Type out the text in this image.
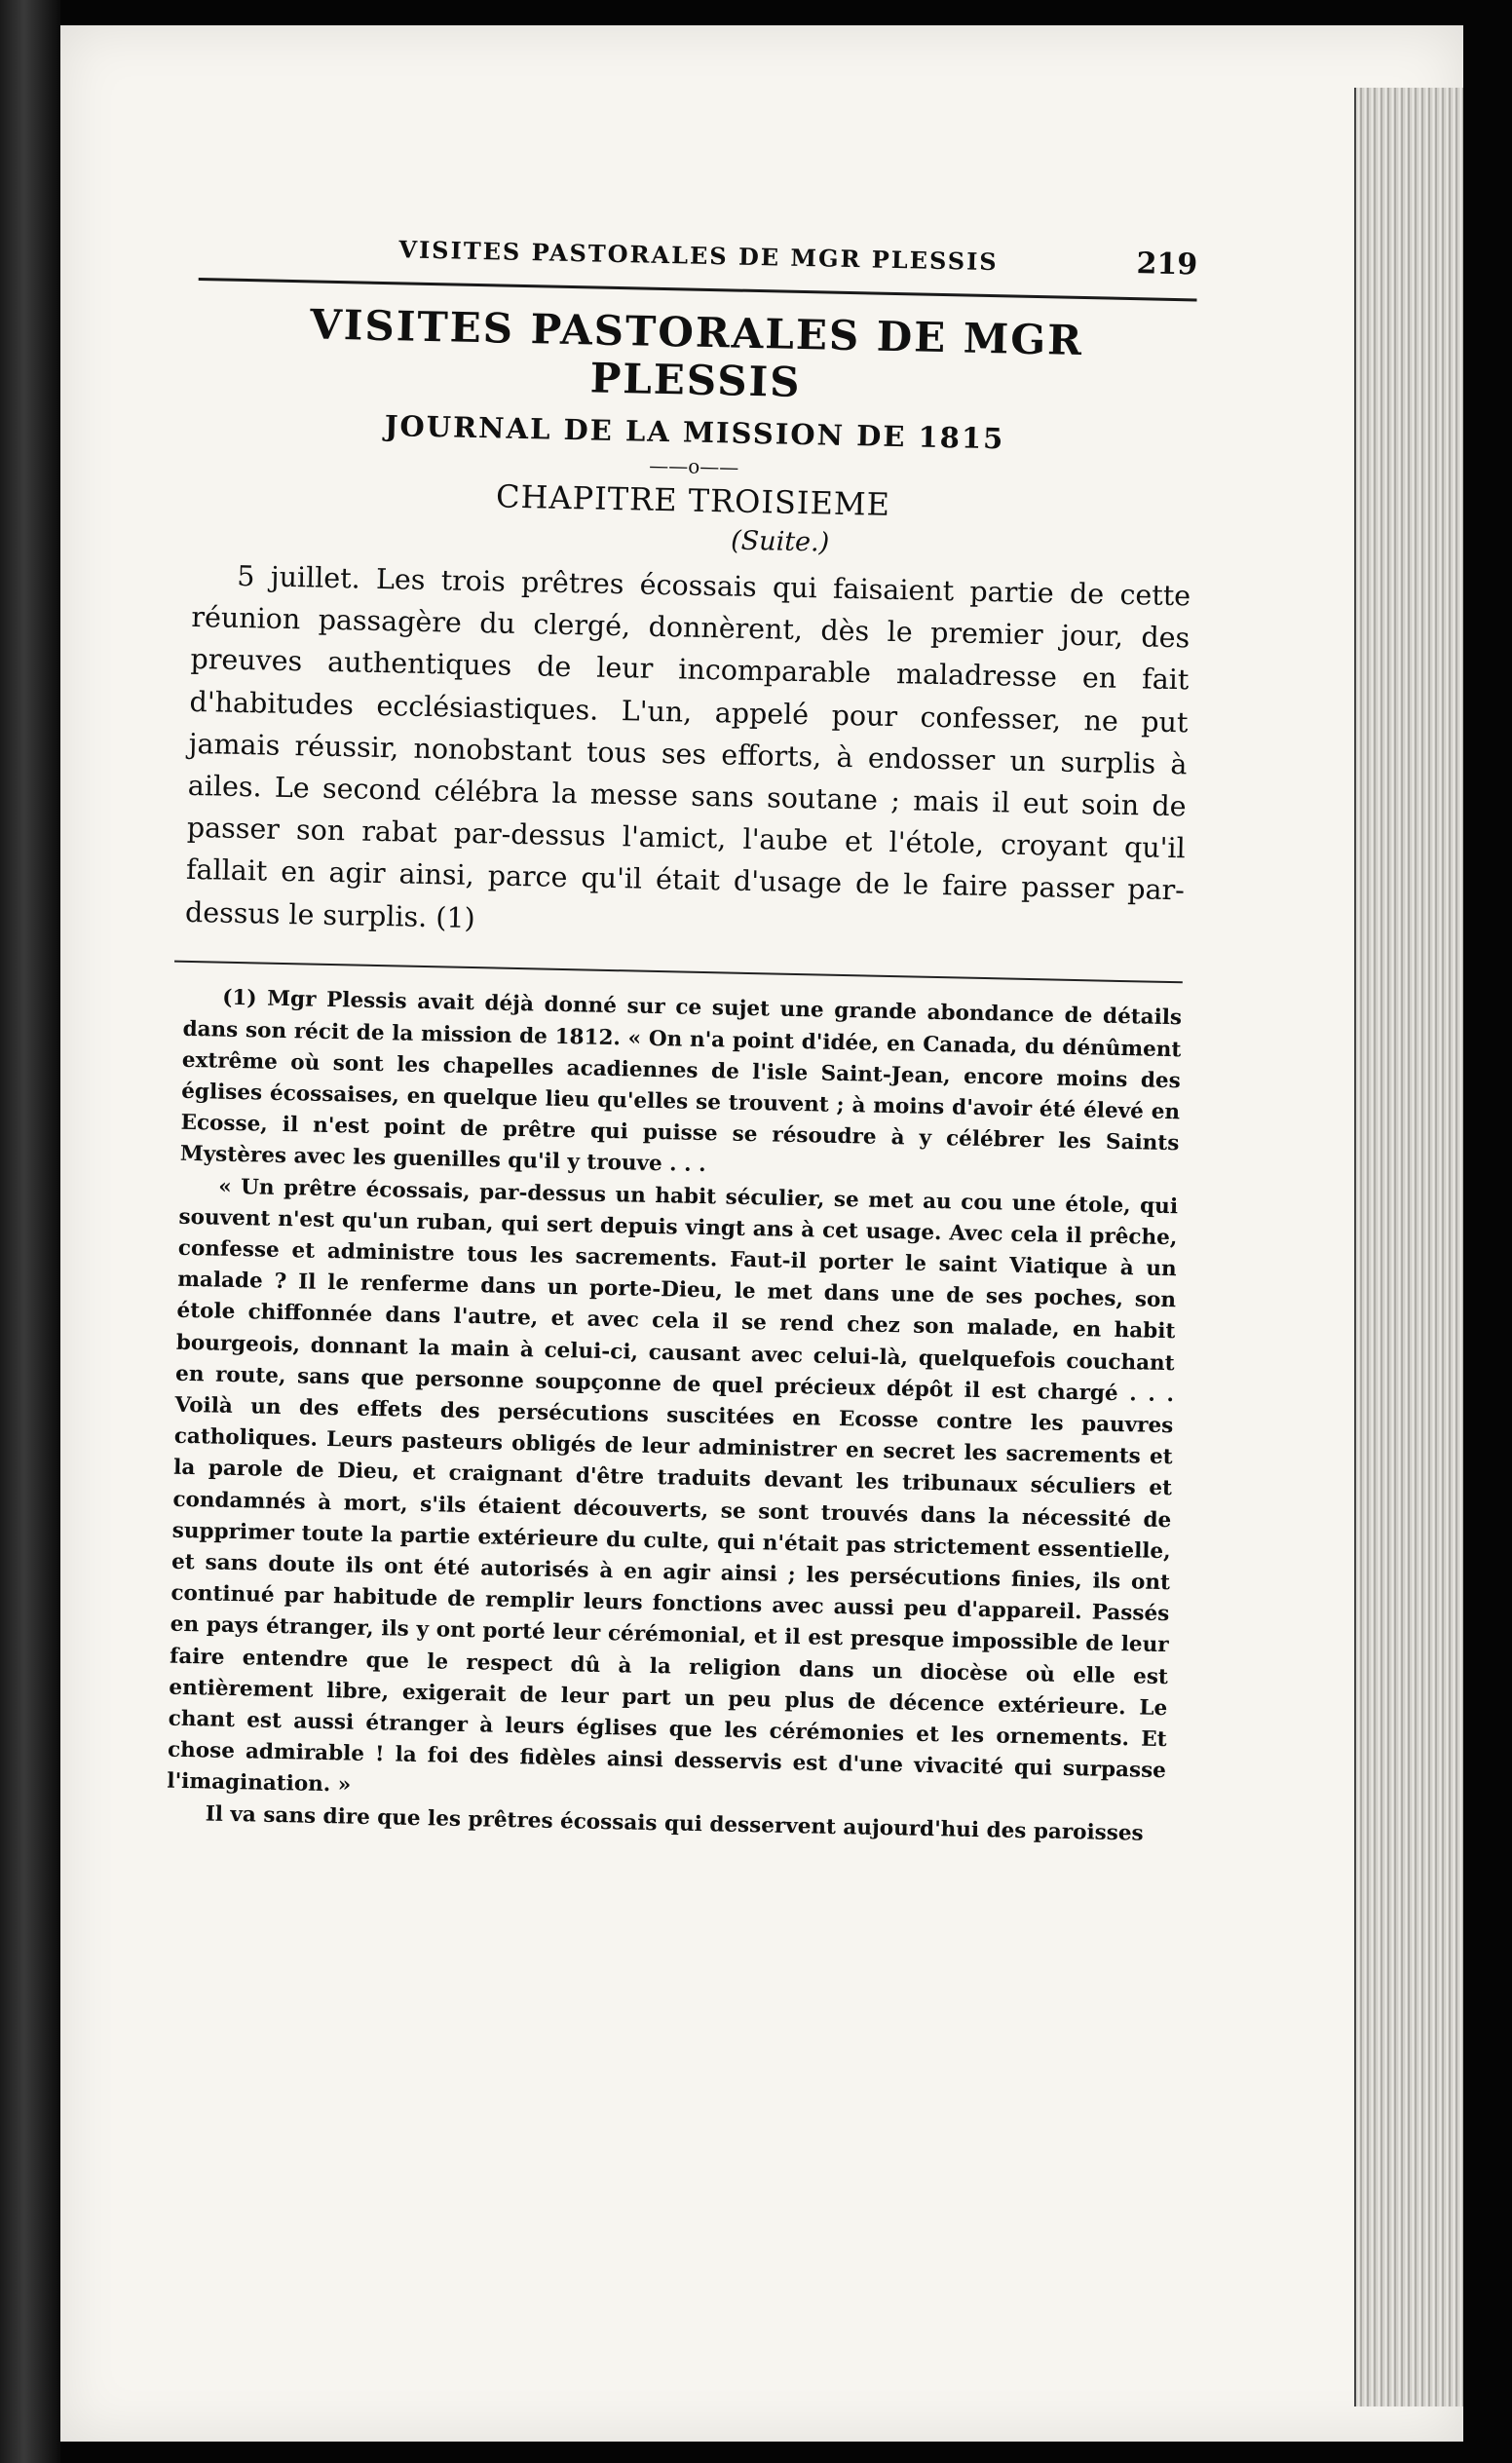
VISITES PASTORALES DE MGR PLESSIS	219
VISITES PASTORALES DE MGR PLESSIS
JOURNAL DE LA MISSION DE 1815
——o——
CHAPITRE TROISIEME
(Suite.)

5 juillet. Les trois prêtres écossais qui faisaient partie de cette réunion passagère du clergé, donnèrent, dès le premier jour, des preuves authentiques de leur incomparable maladresse en fait d'habitudes ecclésiastiques. L'un, appelé pour confesser, ne put jamais réussir, nonobstant tous ses efforts, à endosser un surplis à ailes. Le second célébra la messe sans soutane ; mais il eut soin de passer son rabat par-dessus l'amict, l'aube et l'étole, croyant qu'il fallait en agir ainsi, parce qu'il était d'usage de le faire passer par-dessus le surplis. (1)

(1) Mgr Plessis avait déjà donné sur ce sujet une grande abondance de détails dans son récit de la mission de 1812. « On n'a point d'idée, en Canada, du dénûment extrême où sont les chapelles acadiennes de l'isle Saint-Jean, encore moins des églises écossaises, en quelque lieu qu'elles se trouvent ; à moins d'avoir été élevé en Ecosse, il n'est point de prêtre qui puisse se résoudre à y célébrer les Saints Mystères avec les guenilles qu'il y trouve . . .

« Un prêtre écossais, par-dessus un habit séculier, se met au cou une étole, qui souvent n'est qu'un ruban, qui sert depuis vingt ans à cet usage. Avec cela il prêche, confesse et administre tous les sacrements. Faut-il porter le saint Viatique à un malade ? Il le renferme dans un porte-Dieu, le met dans une de ses poches, son étole chiffonnée dans l'autre, et avec cela il se rend chez son malade, en habit bourgeois, donnant la main à celui-ci, causant avec celui-là, quelquefois couchant en route, sans que personne soupçonne de quel précieux dépôt il est chargé . . . Voilà un des effets des persécutions suscitées en Ecosse contre les pauvres catholiques. Leurs pasteurs obligés de leur administrer en secret les sacrements et la parole de Dieu, et craignant d'être traduits devant les tribunaux séculiers et condamnés à mort, s'ils étaient découverts, se sont trouvés dans la nécessité de supprimer toute la partie extérieure du culte, qui n'était pas strictement essentielle, et sans doute ils ont été autorisés à en agir ainsi ; les persécutions finies, ils ont continué par habitude de remplir leurs fonctions avec aussi peu d'appareil. Passés en pays étranger, ils y ont porté leur cérémonial, et il est presque impossible de leur faire entendre que le respect dû à la religion dans un diocèse où elle est entièrement libre, exigerait de leur part un peu plus de décence extérieure. Le chant est aussi étranger à leurs églises que les cérémonies et les ornements. Et chose admirable ! la foi des fidèles ainsi desservis est d'une vivacité qui surpasse l'imagination. »

Il va sans dire que les prêtres écossais qui desservent aujourd'hui des paroisses
